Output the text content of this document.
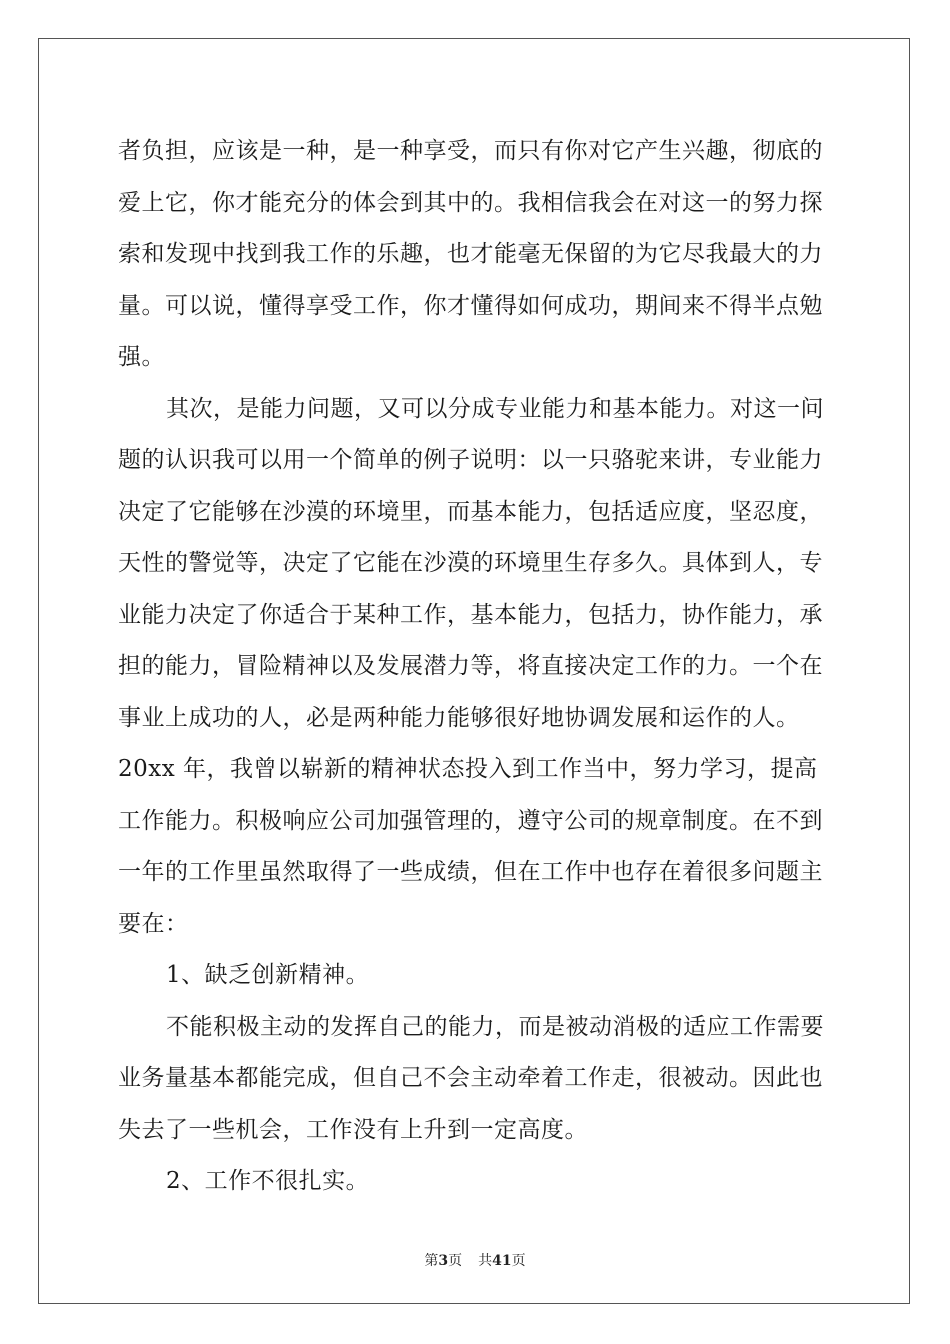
者负担，应该是一种，是一种享受，而只有你对它产生兴趣，彻底的
爱上它，你才能充分的体会到其中的。我相信我会在对这一的努力探
索和发现中找到我工作的乐趣，也才能毫无保留的为它尽我最大的力
量。可以说，懂得享受工作，你才懂得如何成功，期间来不得半点勉
强。
其次，是能力问题，又可以分成专业能力和基本能力。对这一问
题的认识我可以用一个简单的例子说明：以一只骆驼来讲，专业能力
决定了它能够在沙漠的环境里，而基本能力，包括适应度，坚忍度，
天性的警觉等，决定了它能在沙漠的环境里生存多久。具体到人，专
业能力决定了你适合于某种工作，基本能力，包括力，协作能力，承
担的能力，冒险精神以及发展潜力等，将直接决定工作的力。一个在
事业上成功的人，必是两种能力能够很好地协调发展和运作的人。
20xx 年，我曾以崭新的精神状态投入到工作当中，努力学习，提高
工作能力。积极响应公司加强管理的，遵守公司的规章制度。在不到
一年的工作里虽然取得了一些成绩，但在工作中也存在着很多问题主
要在：
1、缺乏创新精神。
不能积极主动的发挥自己的能力，而是被动消极的适应工作需要
业务量基本都能完成，但自己不会主动牵着工作走，很被动。因此也
失去了一些机会，工作没有上升到一定高度。
2、工作不很扎实。
第3页 共41页
